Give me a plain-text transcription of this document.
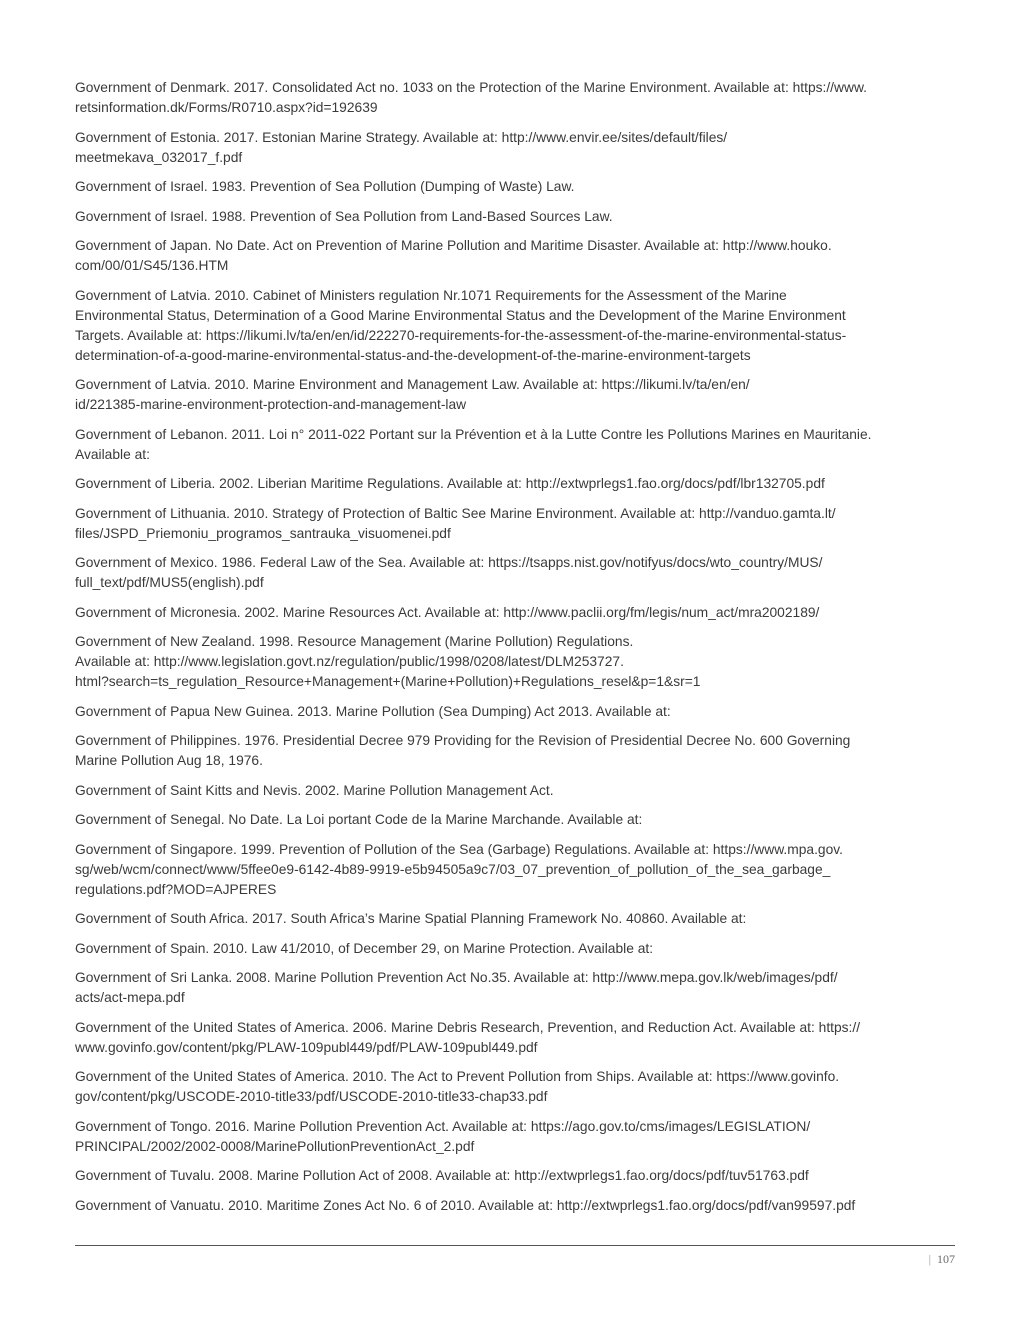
Government of Denmark. 2017. Consolidated Act no. 1033 on the Protection of the Marine Environment. Available at: https://www.
retsinformation.dk/Forms/R0710.aspx?id=192639

Government of Estonia. 2017. Estonian Marine Strategy. Available at: http://www.envir.ee/sites/default/files/
meetmekava_032017_f.pdf

Government of Israel. 1983. Prevention of Sea Pollution (Dumping of Waste) Law.

Government of Israel. 1988. Prevention of Sea Pollution from Land-Based Sources Law.

Government of Japan. No Date. Act on Prevention of Marine Pollution and Maritime Disaster. Available at: http://www.houko.
com/00/01/S45/136.HTM

Government of Latvia. 2010. Cabinet of Ministers regulation Nr.1071 Requirements for the Assessment of the Marine
Environmental Status, Determination of a Good Marine Environmental Status and the Development of the Marine Environment
Targets. Available at: https://likumi.lv/ta/en/en/id/222270-requirements-for-the-assessment-of-the-marine-environmental-status-
determination-of-a-good-marine-environmental-status-and-the-development-of-the-marine-environment-targets

Government of Latvia. 2010. Marine Environment and Management Law. Available at: https://likumi.lv/ta/en/en/
id/221385-marine-environment-protection-and-management-law

Government of Lebanon. 2011. Loi n° 2011-022 Portant sur la Prévention et à la Lutte Contre les Pollutions Marines en Mauritanie.
Available at:

Government of Liberia. 2002. Liberian Maritime Regulations. Available at: http://extwprlegs1.fao.org/docs/pdf/lbr132705.pdf

Government of Lithuania. 2010. Strategy of Protection of Baltic See Marine Environment. Available at: http://vanduo.gamta.lt/
files/JSPD_Priemoniu_programos_santrauka_visuomenei.pdf

Government of Mexico. 1986. Federal Law of the Sea. Available at: https://tsapps.nist.gov/notifyus/docs/wto_country/MUS/
full_text/pdf/MUS5(english).pdf

Government of Micronesia. 2002. Marine Resources Act. Available at: http://www.paclii.org/fm/legis/num_act/mra2002189/

Government of New Zealand. 1998. Resource Management (Marine Pollution) Regulations.
Available at: http://www.legislation.govt.nz/regulation/public/1998/0208/latest/DLM253727.
html?search=ts_regulation_Resource+Management+(Marine+Pollution)+Regulations_resel&p=1&sr=1

Government of Papua New Guinea. 2013. Marine Pollution (Sea Dumping) Act 2013. Available at:

Government of Philippines. 1976. Presidential Decree 979 Providing for the Revision of Presidential Decree No. 600 Governing
Marine Pollution Aug 18, 1976.

Government of Saint Kitts and Nevis. 2002. Marine Pollution Management Act.

Government of Senegal. No Date. La Loi portant Code de la Marine Marchande. Available at:

Government of Singapore. 1999. Prevention of Pollution of the Sea (Garbage) Regulations. Available at: https://www.mpa.gov.
sg/web/wcm/connect/www/5ffee0e9-6142-4b89-9919-e5b94505a9c7/03_07_prevention_of_pollution_of_the_sea_garbage_
regulations.pdf?MOD=AJPERES

Government of South Africa. 2017. South Africa’s Marine Spatial Planning Framework No. 40860. Available at:

Government of Spain. 2010. Law 41/2010, of December 29, on Marine Protection. Available at:

Government of Sri Lanka. 2008. Marine Pollution Prevention Act No.35. Available at: http://www.mepa.gov.lk/web/images/pdf/
acts/act-mepa.pdf

Government of the United States of America. 2006. Marine Debris Research, Prevention, and Reduction Act. Available at: https://
www.govinfo.gov/content/pkg/PLAW-109publ449/pdf/PLAW-109publ449.pdf

Government of the United States of America. 2010. The Act to Prevent Pollution from Ships. Available at: https://www.govinfo.
gov/content/pkg/USCODE-2010-title33/pdf/USCODE-2010-title33-chap33.pdf

Government of Tongo. 2016. Marine Pollution Prevention Act. Available at: https://ago.gov.to/cms/images/LEGISLATION/
PRINCIPAL/2002/2002-0008/MarinePollutionPreventionAct_2.pdf

Government of Tuvalu. 2008. Marine Pollution Act of 2008. Available at: http://extwprlegs1.fao.org/docs/pdf/tuv51763.pdf

Government of Vanuatu. 2010. Maritime Zones Act No. 6 of 2010. Available at: http://extwprlegs1.fao.org/docs/pdf/van99597.pdf

| 107
